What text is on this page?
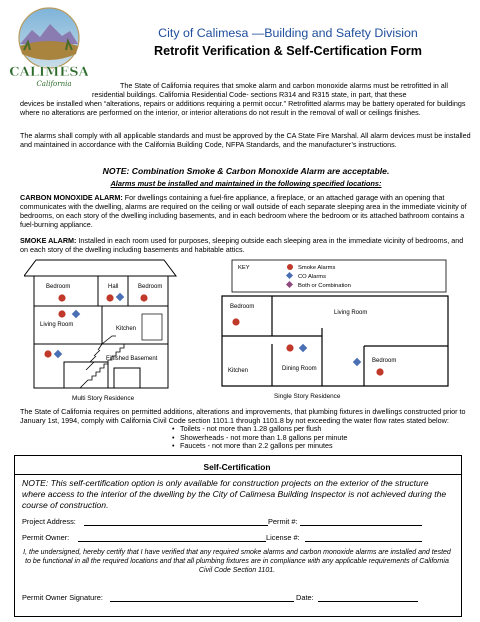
CALIMESA
California
City of Calimesa —Building and Safety Division
Retrofit Verification & Self-Certification Form
The State of California requires that smoke alarm and carbon monoxide alarms must be retrofitted in all residential buildings. California Residential Code- sections R314 and R315 state, in part, that these
devices be installed when “alterations, repairs or additions requiring a permit occur.” Retrofitted alarms may be battery operated for buildings where no alterations are performed on the interior, or interior alterations do not result in the removal of wall or ceilings finishes.
The alarms shall comply with all applicable standards and must be approved by the CA State Fire Marshal. All alarm devices must be installed and maintained in accordance with the California Building Code, NFPA Standards, and the manufacturer’s instructions.
NOTE: Combination Smoke & Carbon Monoxide Alarm are acceptable.
Alarms must be installed and maintained in the following specified locations:
CARBON MONOXIDE ALARM: For dwellings containing a fuel-fire appliance, a fireplace, or an attached garage with an opening that communicates with the dwelling, alarms are required on the ceiling or wall outside of each separate sleeping area in the immediate vicinity of bedrooms, on each story of the dwelling including basements, and in each bedroom where the bedroom or its attached bathroom contains a fuel-burning appliance.
SMOKE ALARM: Installed in each room used for purposes, sleeping outside each sleeping area in the immediate vicinity of bedrooms, and on each story of the dwelling including basements and habitable attics.
Bedroom	Hall	Bedroom
Living Room
Kitchen
Finished Basement
Multi Story Residence
KEY	Smoke Alarms
CO Alarms
Both or Combination
Bedroom
Living Room
Kitchen	Dining Room
Bedroom
Single Story Residence
The State of California requires on permitted additions, alterations and improvements, that plumbing fixtures in dwellings constructed prior to January 1st, 1994, comply with California Civil Code section 1101.1 through 1101.8 by not exceeding the water flow rates stated below:
• Toilets - not more than 1.28 gallons per flush
• Showerheads - not more than 1.8 gallons per minute
• Faucets - not more than 2.2 gallons per minutes
Self-Certification
NOTE: This self-certification option is only available for construction projects on the exterior of the structure where access to the interior of the dwelling by the City of Calimesa Building Inspector is not achieved during the course of construction.
Project Address:	Permit #:
Permit Owner:	License #:
I, the undersigned, hereby certify that I have verified that any required smoke alarms and carbon monoxide alarms are installed and tested to be functional in all the required locations and that all plumbing fixtures are in compliance with any applicable requirements of California Civil Code Section 1101.
Permit Owner Signature:	Date:
